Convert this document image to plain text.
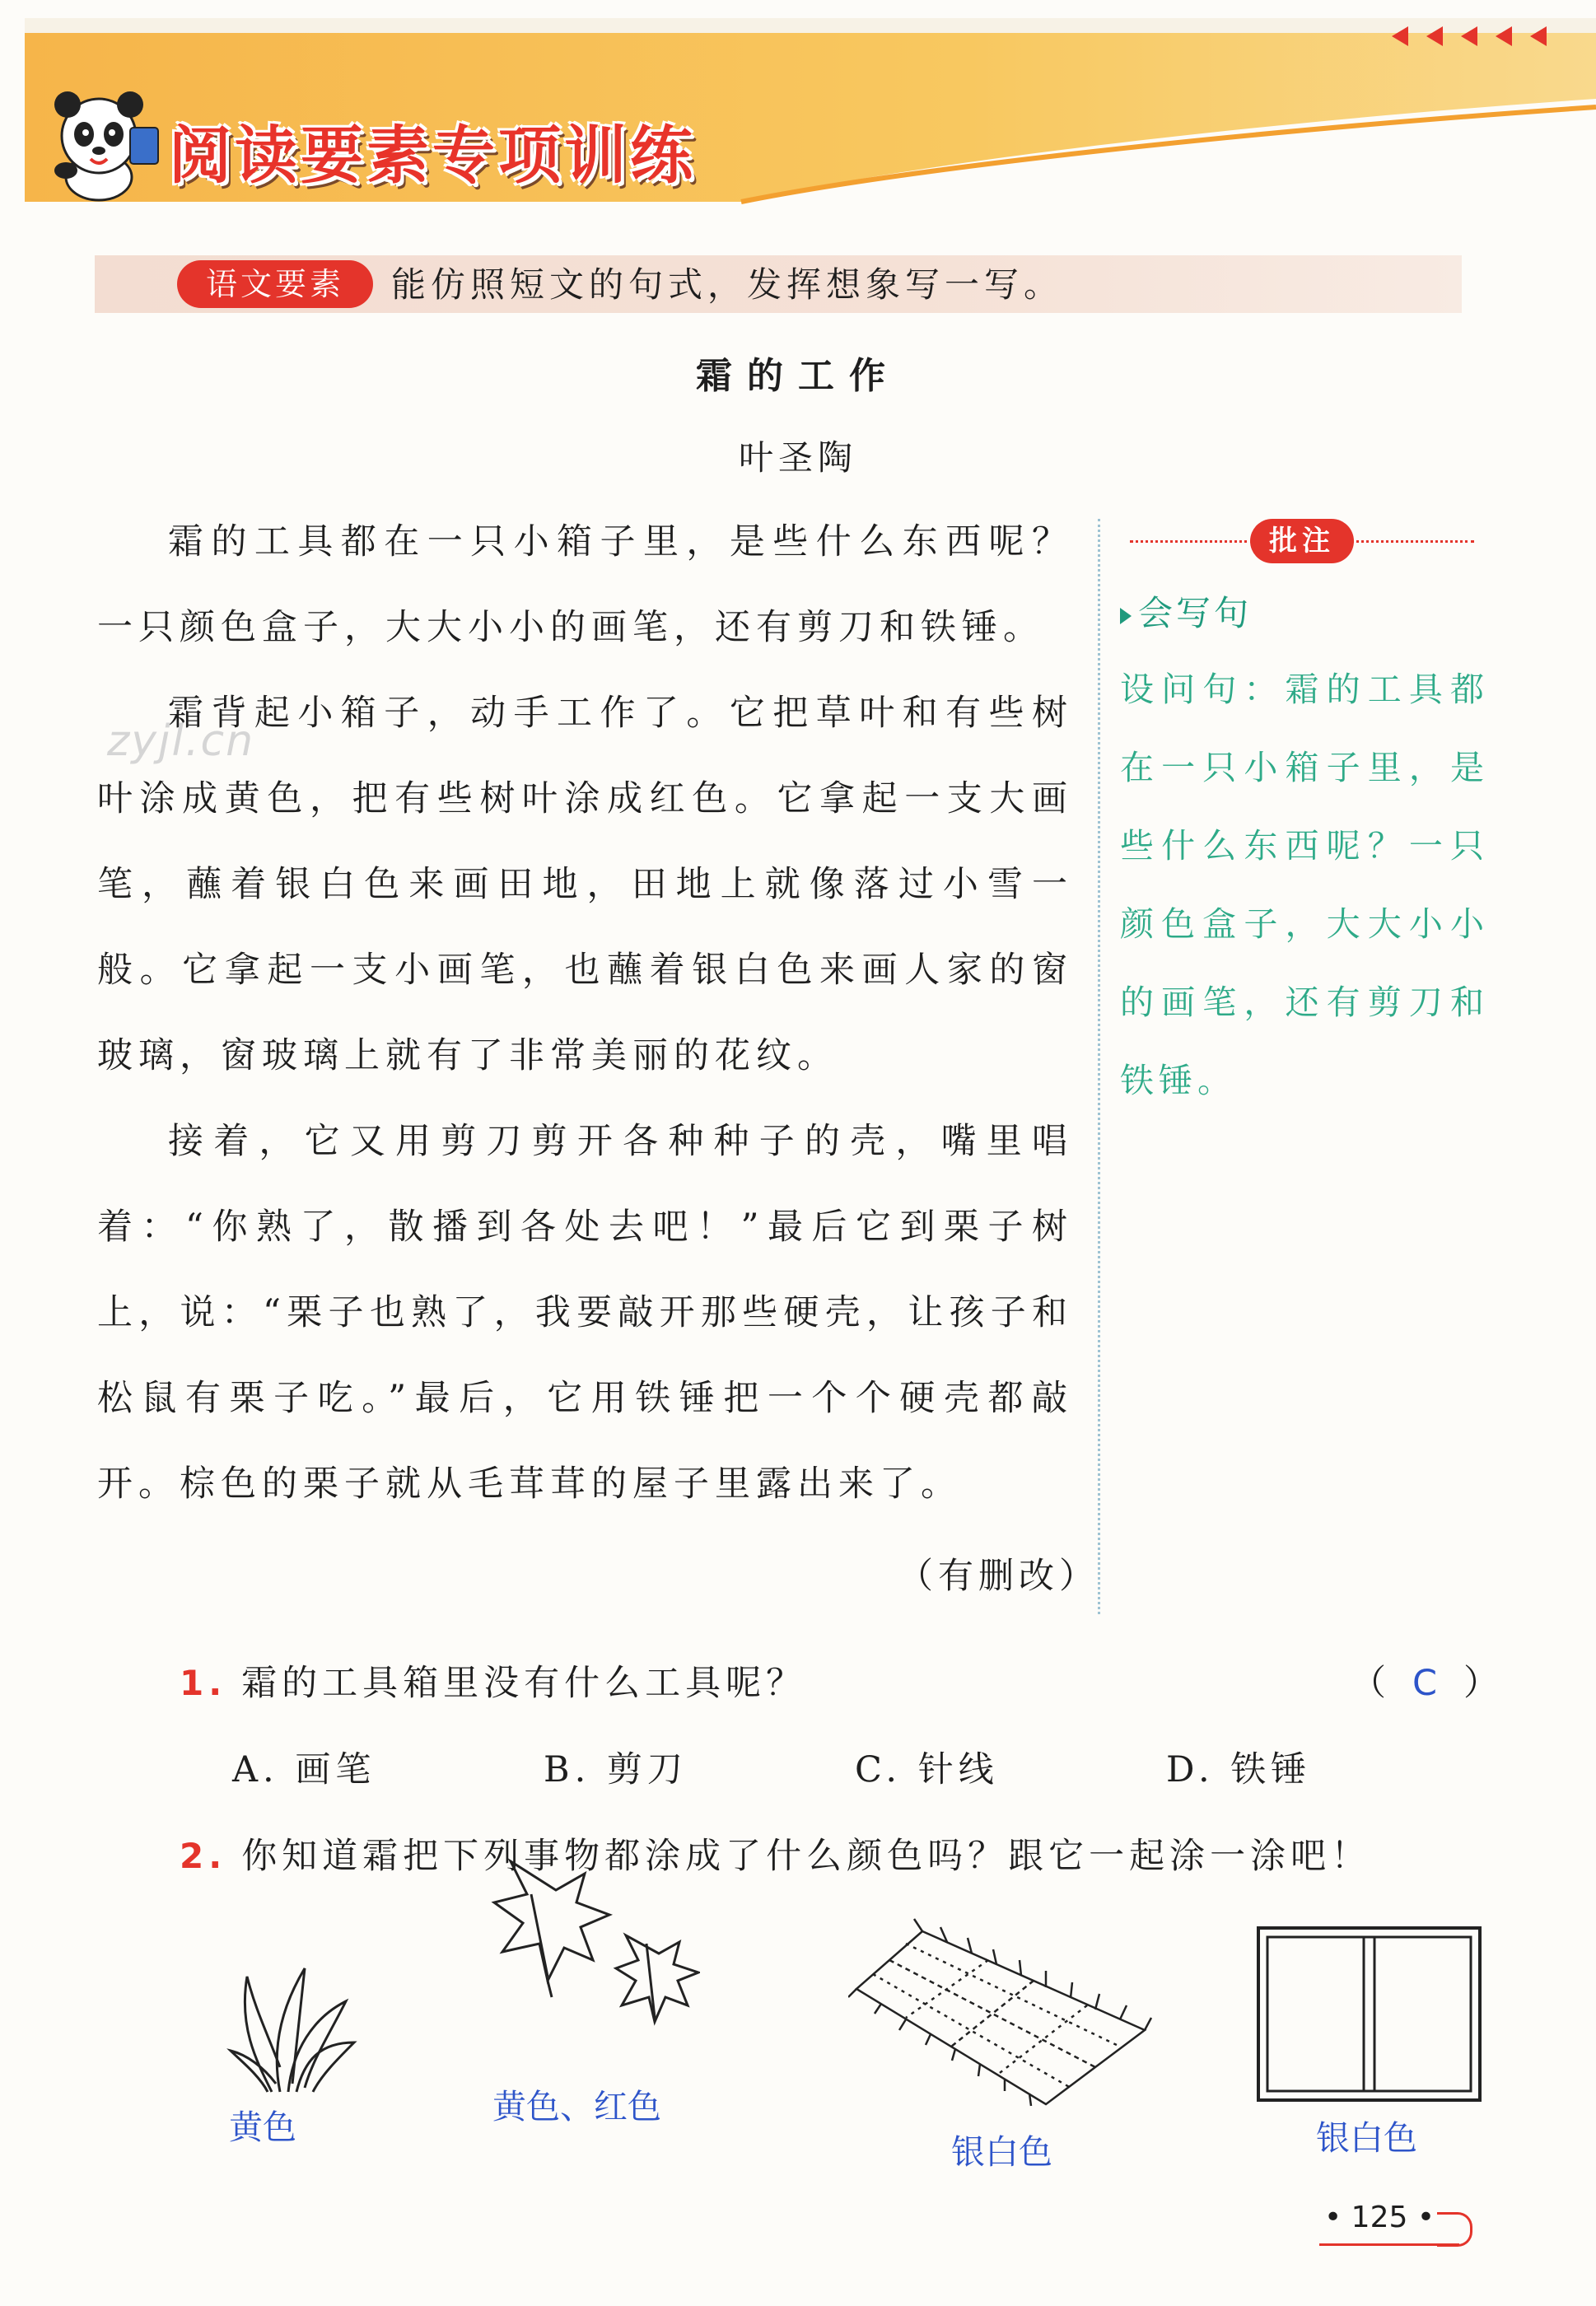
阅读要素专项训练
语文要素	能仿照短文的句式，发挥想象写一写。
霜的工作
叶圣陶
霜的工具都在一只小箱子里，是些什么东西呢？一只颜色盒子，大大小小的画笔，还有剪刀和铁锤。
霜背起小箱子，动手工作了。它把草叶和有些树叶涂成黄色，把有些树叶涂成红色。它拿起一支大画笔，蘸着银白色来画田地，田地上就像落过小雪一般。它拿起一支小画笔，也蘸着银白色来画人家的窗玻璃，窗玻璃上就有了非常美丽的花纹。
接着，它又用剪刀剪开各种种子的壳，嘴里唱着：“你熟了，散播到各处去吧！”最后它到栗子树上，说：“栗子也熟了，我要敲开那些硬壳，让孩子和松鼠有栗子吃。”最后，它用铁锤把一个个硬壳都敲开。棕色的栗子就从毛茸茸的屋子里露出来了。
（有删改）
zyjl.cn
批注
会写句
设问句：霜的工具都在一只小箱子里，是些什么东西呢？一只颜色盒子，大大小小的画笔，还有剪刀和铁锤。
1. 霜的工具箱里没有什么工具呢？	（ C ）
A. 画笔	B. 剪刀	C. 针线	D. 铁锤
2. 你知道霜把下列事物都涂成了什么颜色吗？跟它一起涂一涂吧！
黄色
黄色、红色
银白色	银白色
• 125 •
